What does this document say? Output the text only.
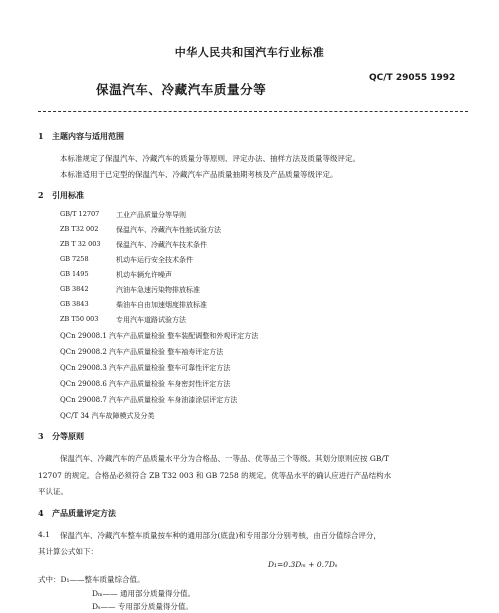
中华人民共和国汽车行业标准
QC/T 29055 1992
保温汽车、冷藏汽车质量分等
1 主题内容与适用范围
本标准规定了保温汽车、冷藏汽车的质量分等原则、评定办法、抽样方法及质量等级评定。
本标准适用于已定型的保温汽车、冷藏汽车产品质量抽期考核及产品质量等级评定。
2 引用标准
GB/T 12707	工业产品质量分等导则
ZB T32 002	保温汽车、冷藏汽车性能试验方法
ZB T 32 003	保温汽车、冷藏汽车技术条件
GB 7258	机动车运行安全技术条件
GB 1495	机动车辆允许噪声
GB 3842	汽油车急速污染物排放标准
GB 3843	柴油车自由加速烟度排放标准
ZB T50 003	专用汽车道路试验方法
QCn 29008.1 汽车产品质量检验 整车装配调整和外观评定方法
QCn 29008.2 汽车产品质量检验 整车袖寿评定方法
QCn 29008.3 汽车产品质量检验 整车可靠性评定方法
QCn 29008.6 汽车产品质量检验 车身密封性评定方法
QCn 29008.7 汽车产品质量检验 车身油漆涂层评定方法
QC/T 34 汽车故障模式及分类
3 分等原则
保温汽车、冷藏汽车的产品质量水平分为合格品、一等品、优等品三个等级。其划分原则应按 GB/T
12707 的规定。合格品必须符合 ZB T32 003 和 GB 7258 的规定。优等品水平的确认应进行产品结构水
平认证。
4 产品质量评定方法
4.1 保温汽车、冷藏汽车整车质量按车种的通用部分(底盘)和专用部分分别考核，由百分值综合评分，
其计算公式如下：
D₁=0.3Dₘ + 0.7Dₛ
式中：D₁——整车质量综合值。
Dₘ—— 通用部分质量得分值。
Dₛ—— 专用部分质量得分值。
